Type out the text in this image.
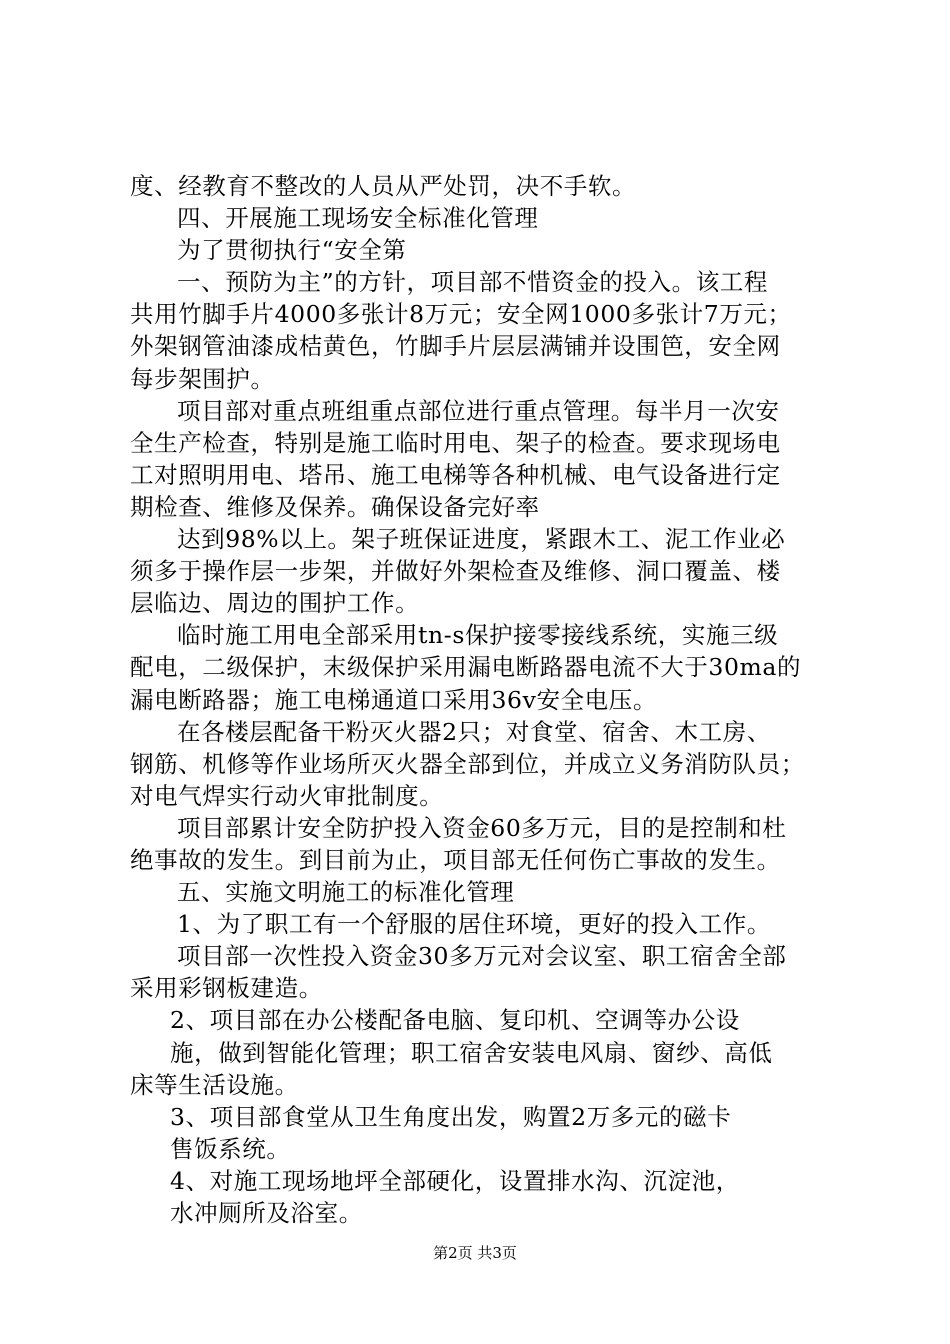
度、经教育不整改的人员从严处罚，决不手软。
四、开展施工现场安全标准化管理
为了贯彻执行“安全第
一、预防为主”的方针，项目部不惜资金的投入。该工程
共用竹脚手片4000多张计8万元；安全网1000多张计7万元；
外架钢管油漆成桔黄色，竹脚手片层层满铺并设围笆，安全网
每步架围护。
项目部对重点班组重点部位进行重点管理。每半月一次安
全生产检查，特别是施工临时用电、架子的检查。要求现场电
工对照明用电、塔吊、施工电梯等各种机械、电气设备进行定
期检查、维修及保养。确保设备完好率
达到98%以上。架子班保证进度，紧跟木工、泥工作业必
须多于操作层一步架，并做好外架检查及维修、洞口覆盖、楼
层临边、周边的围护工作。
临时施工用电全部采用tn-s保护接零接线系统，实施三级
配电，二级保护，末级保护采用漏电断路器电流不大于30ma的
漏电断路器；施工电梯通道口采用36v安全电压。
在各楼层配备干粉灭火器2只；对食堂、宿舍、木工房、
钢筋、机修等作业场所灭火器全部到位，并成立义务消防队员；
对电气焊实行动火审批制度。
项目部累计安全防护投入资金60多万元，目的是控制和杜
绝事故的发生。到目前为止，项目部无任何伤亡事故的发生。
五、实施文明施工的标准化管理
1、为了职工有一个舒服的居住环境，更好的投入工作。
项目部一次性投入资金30多万元对会议室、职工宿舍全部
采用彩钢板建造。
2、项目部在办公楼配备电脑、复印机、空调等办公设
施，做到智能化管理；职工宿舍安装电风扇、窗纱、高低
床等生活设施。
3、项目部食堂从卫生角度出发，购置2万多元的磁卡
售饭系统。
4、对施工现场地坪全部硬化，设置排水沟、沉淀池，
水冲厕所及浴室。
第2页 共3页
